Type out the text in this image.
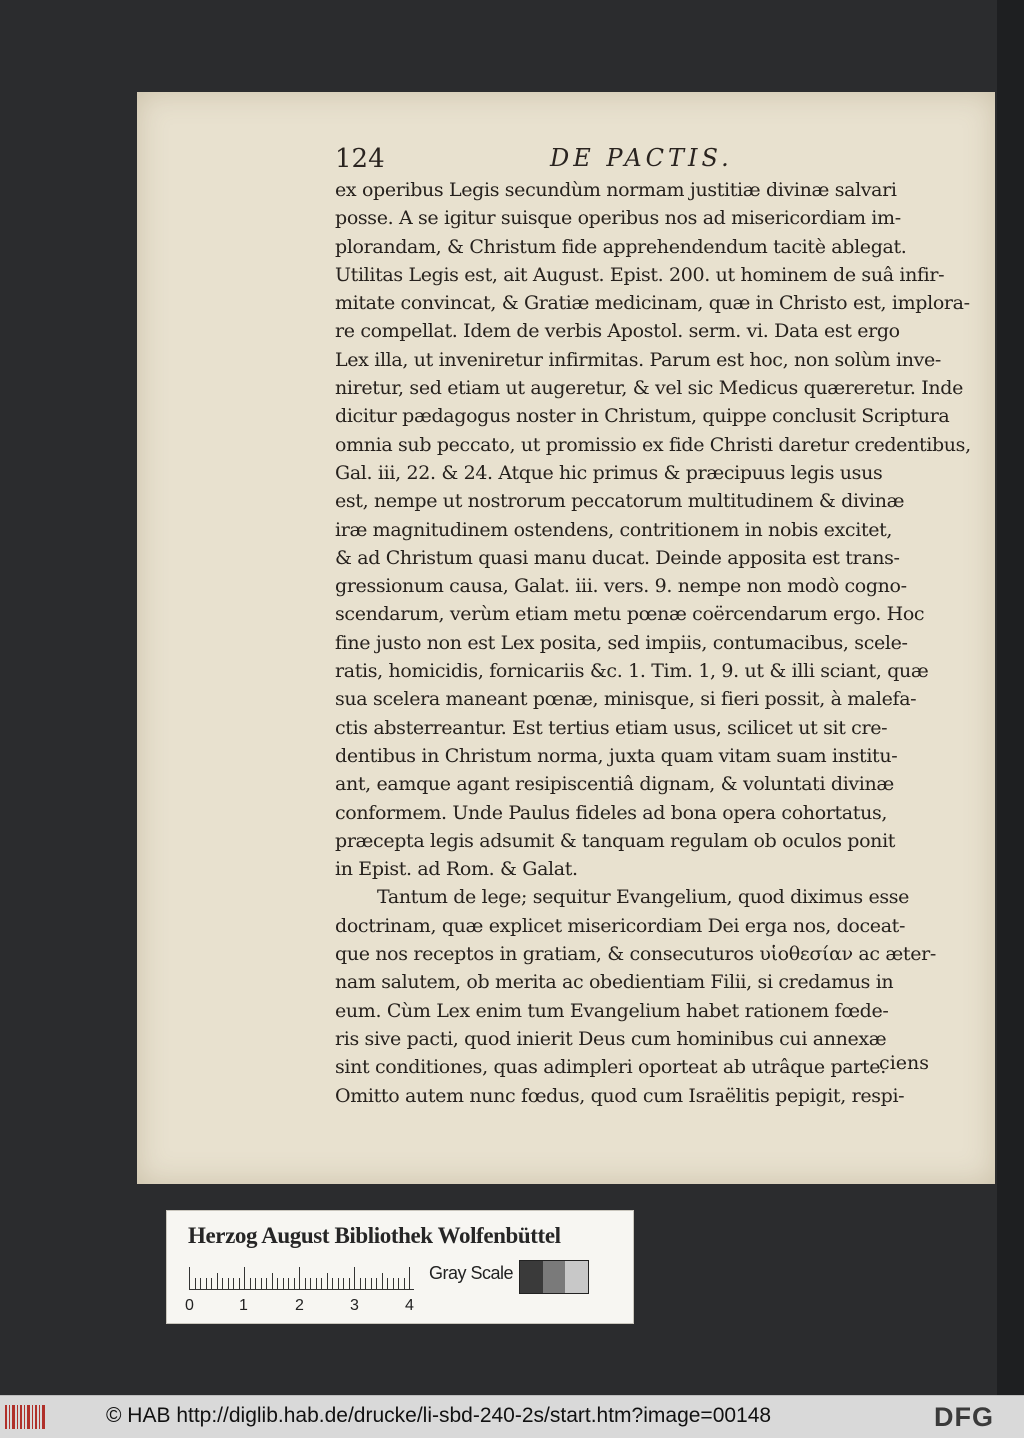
124	DE PACTIS.
ex operibus Legis secundùm normam justitiæ divinæ salvari
posse. A se igitur suisque operibus nos ad misericordiam im-
plorandam, & Christum fide apprehendendum tacitè ablegat.
Utilitas Legis est, ait August. Epist. 200. ut hominem de suâ infir-
mitate convincat, & Gratiæ medicinam, quæ in Christo est, implora-
re compellat. Idem de verbis Apostol. serm. vi. Data est ergo
Lex illa, ut inveniretur infirmitas. Parum est hoc, non solùm inve-
niretur, sed etiam ut augeretur, & vel sic Medicus quæreretur. Inde
dicitur pædagogus noster in Christum, quippe conclusit Scriptura
omnia sub peccato, ut promissio ex fide Christi daretur credentibus,
Gal. iii, 22. & 24. Atque hic primus & præcipuus legis usus
est, nempe ut nostrorum peccatorum multitudinem & divinæ
iræ magnitudinem ostendens, contritionem in nobis excitet,
& ad Christum quasi manu ducat. Deinde apposita est trans-
gressionum causa, Galat. iii. vers. 9. nempe non modò cogno-
scendarum, verùm etiam metu pœnæ coërcendarum ergo. Hoc
fine justo non est Lex posita, sed impiis, contumacibus, scele-
ratis, homicidis, fornicariis &c. 1. Tim. 1, 9. ut & illi sciant, quæ
sua scelera maneant pœnæ, minisque, si fieri possit, à malefa-
ctis absterreantur. Est tertius etiam usus, scilicet ut sit cre-
dentibus in Christum norma, juxta quam vitam suam institu-
ant, eamque agant resipiscentiâ dignam, & voluntati divinæ
conformem. Unde Paulus fideles ad bona opera cohortatus,
præcepta legis adsumit & tanquam regulam ob oculos ponit
in Epist. ad Rom. & Galat.
Tantum de lege; sequitur Evangelium, quod diximus esse
doctrinam, quæ explicet misericordiam Dei erga nos, doceat-
que nos receptos in gratiam, & consecuturos υἱοθεσίαν ac æter-
nam salutem, ob merita ac obedientiam Filii, si credamus in
eum. Cùm Lex enim tum Evangelium habet rationem fœde-
ris sive pacti, quod inierit Deus cum hominibus cui annexæ
sint conditiones, quas adimpleri oporteat ab utrâque parte.
Omitto autem nunc fœdus, quod cum Israëlitis pepigit, respi-
ciens
Herzog August Bibliothek Wolfenbüttel
0	1	2	3	4
Gray Scale
© HAB http://diglib.hab.de/drucke/li-sbd-240-2s/start.htm?image=00148	DFG
